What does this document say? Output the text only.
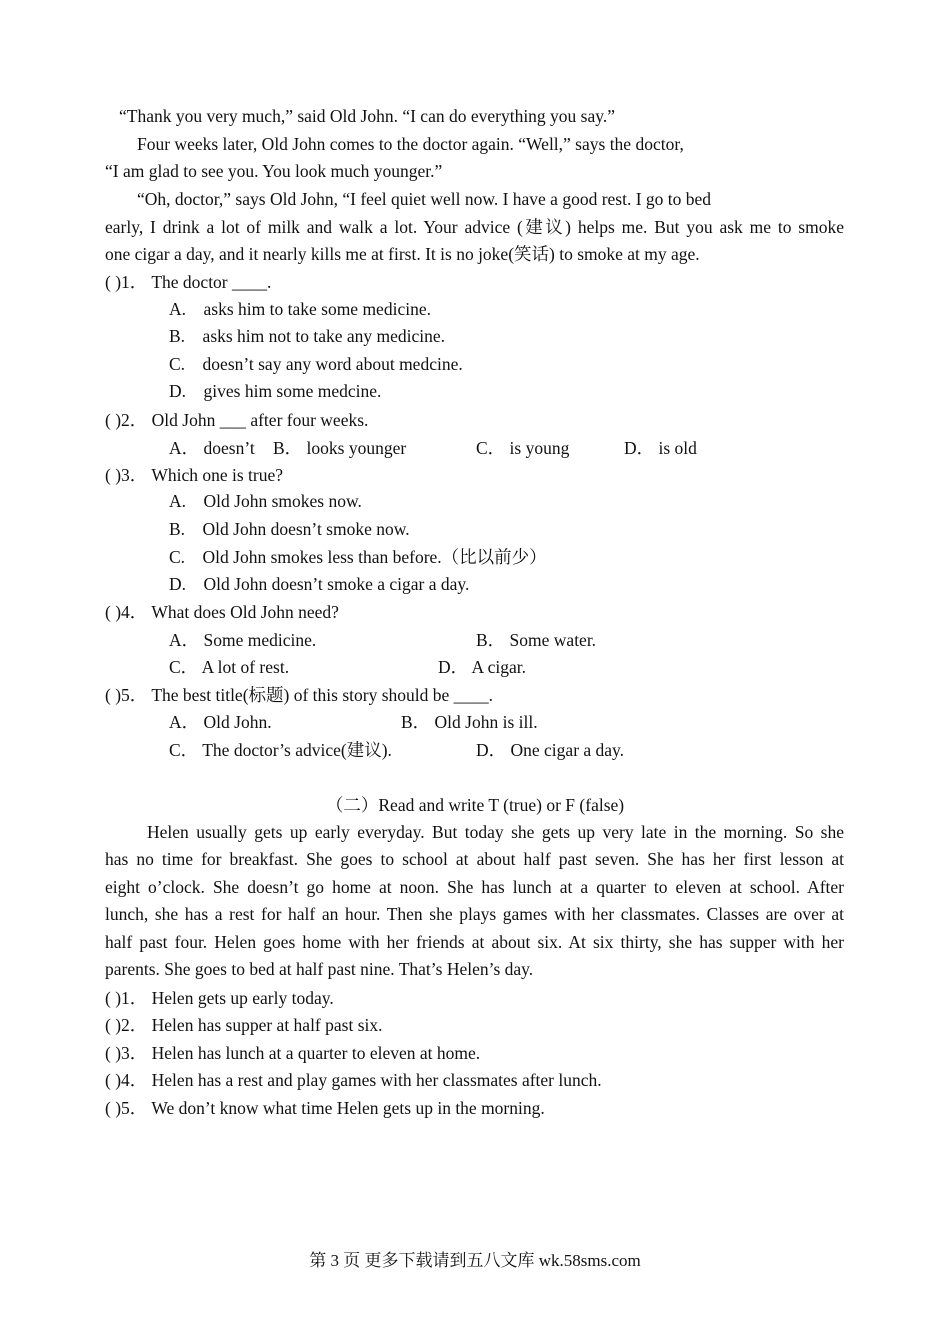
“Thank you very much,” said Old John. “I can do everything you say.”
Four weeks later, Old John comes to the doctor again. “Well,” says the doctor,
“I am glad to see you. You look much younger.”
“Oh, doctor,” says Old John, “I feel quiet well now. I have a good rest. I go to bed
early, I drink a lot of milk and walk a lot. Your advice (建议) helps me. But you ask me to smoke
one cigar a day, and it nearly kills me at first. It is no joke(笑话) to smoke at my age.
( )1． The doctor ____.
A. asks him to take some medicine.
B. asks him not to take any medicine.
C. doesn’t say any word about medcine.
D. gives him some medcine.
( )2． Old John ___ after four weeks.
A． doesn’t B． looks younger	C． is young	D． is old
( )3． Which one is true?
A. Old John smokes now.
B. Old John doesn’t smoke now.
C. Old John smokes less than before.（比以前少）
D. Old John doesn’t smoke a cigar a day.
( )4． What does Old John need?
A． Some medicine.	B． Some water.
C． A lot of rest.	D． A cigar.
( )5． The best title(标题) of this story should be ____.
A． Old John.	B． Old John is ill.
C． The doctor’s advice(建议).	D． One cigar a day.
（二）Read and write T (true) or F (false)
Helen usually gets up early everyday. But today she gets up very late in the morning. So she
has no time for breakfast. She goes to school at about half past seven. She has her first lesson at
eight o’clock. She doesn’t go home at noon. She has lunch at a quarter to eleven at school. After
lunch, she has a rest for half an hour. Then she plays games with her classmates. Classes are over at
half past four. Helen goes home with her friends at about six. At six thirty, she has supper with her
parents. She goes to bed at half past nine. That’s Helen’s day.
( )1． Helen gets up early today.
( )2． Helen has supper at half past six.
( )3． Helen has lunch at a quarter to eleven at home.
( )4． Helen has a rest and play games with her classmates after lunch.
( )5． We don’t know what time Helen gets up in the morning.
第 3 页 更多下载请到五八文库 wk.58sms.com
